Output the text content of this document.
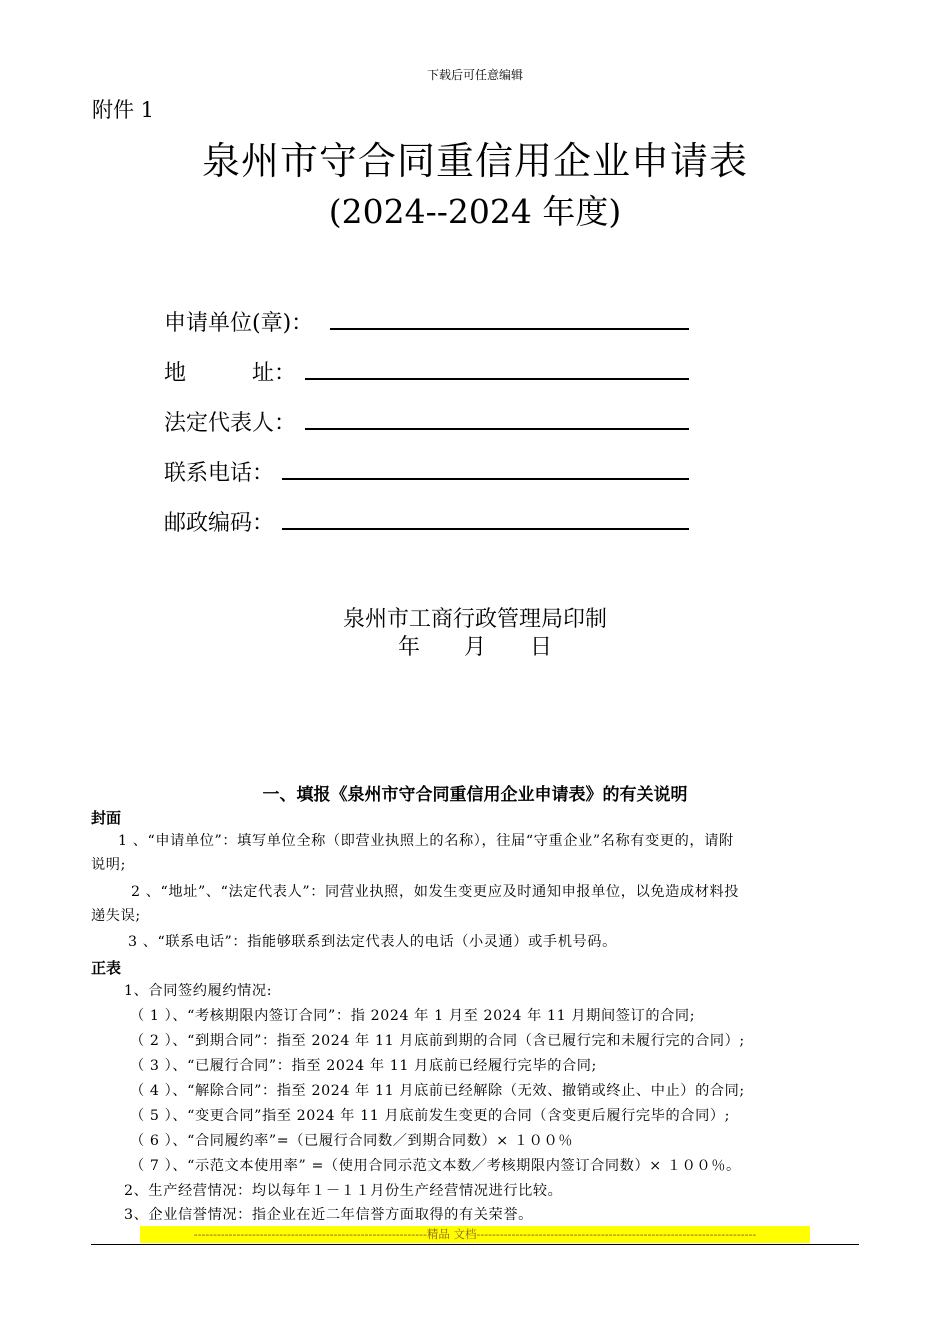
下载后可任意编辑
附件 1
泉州市守合同重信用企业申请表
(2024--2024 年度)
申请单位(章)：
地　　　址：
法定代表人：
联系电话：
邮政编码：
泉州市工商行政管理局印制
年　　月　　日
一、填报《泉州市守合同重信用企业申请表》的有关说明
封面
1 、“申请单位”：填写单位全称（即营业执照上的名称），往届“守重企业”名称有变更的，请附
说明;
2 、“地址”、“法定代表人”：同营业执照，如发生变更应及时通知申报单位，以免造成材料投
递失误;
3 、“联系电话”：指能够联系到法定代表人的电话（小灵通）或手机号码。
正表
1、合同签约履约情况:
（ 1 ）、“考核期限内签订合同”：指 2024 年 1 月至 2024 年 11 月期间签订的合同;
（ 2 ）、“到期合同”：指至 2024 年 11 月底前到期的合同（含已履行完和未履行完的合同）;
（ 3 ）、“已履行合同”：指至 2024 年 11 月底前已经履行完毕的合同;
（ 4 ）、“解除合同”：指至 2024 年 11 月底前已经解除（无效、撤销或终止、中止）的合同;
（ 5 ）、“变更合同”指至 2024 年 11 月底前发生变更的合同（含变更后履行完毕的合同）;
（ 6 ）、“合同履约率”=（已履行合同数／到期合同数）× １００％
（ 7 ）、“示范文本使用率” =（使用合同示范文本数／考核期限内签订合同数）× １００％。
2、生产经营情况：均以每年１－１１月份生产经营情况进行比较。
3、企业信誉情况：指企业在近二年信誉方面取得的有关荣誉。
------------------------------------------------------------精品 文档------------------------------------------------------------------------
